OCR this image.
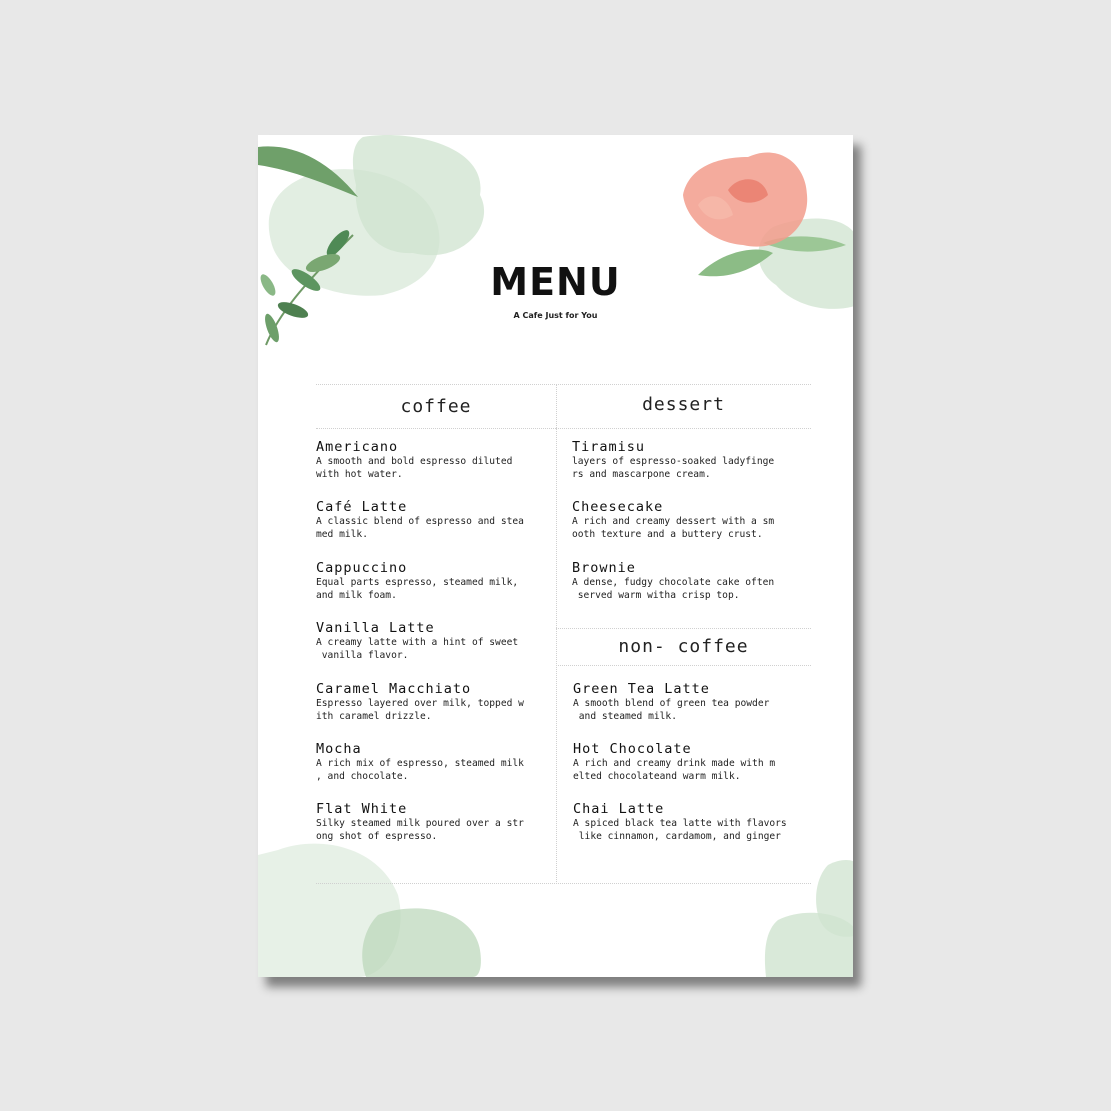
MENU
A Cafe Just for You
coffee
Americano
A smooth and bold espresso diluted
with hot water.
Café Latte
A classic blend of espresso and stea
med milk.
Cappuccino
Equal parts espresso, steamed milk,
and milk foam.
Vanilla Latte
A creamy latte with a hint of sweet
vanilla flavor.
Caramel Macchiato
Espresso layered over milk, topped w
ith caramel drizzle.
Mocha
A rich mix of espresso, steamed milk
, and chocolate.
Flat White
Silky steamed milk poured over a str
ong shot of espresso.
dessert
Tiramisu
layers of espresso-soaked ladyfinge
rs and mascarpone cream.
Cheesecake
A rich and creamy dessert with a sm
ooth texture and a buttery crust.
Brownie
A dense, fudgy chocolate cake often
served warm witha crisp top.
non- coffee
Green Tea Latte
A smooth blend of green tea powder
and steamed milk.
Hot Chocolate
A rich and creamy drink made with m
elted chocolateand warm milk.
Chai Latte
A spiced black tea latte with flavors
like cinnamon, cardamom, and ginger
